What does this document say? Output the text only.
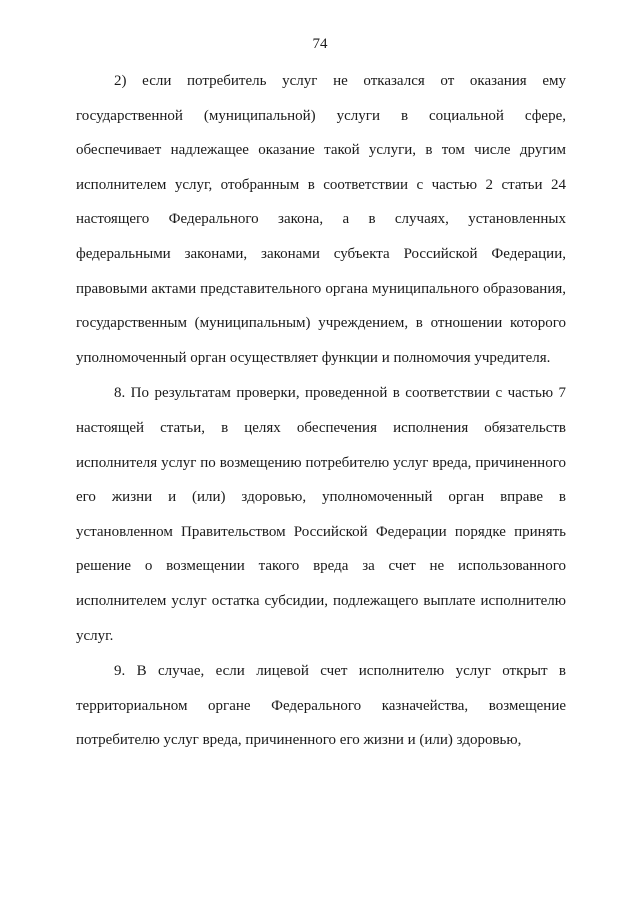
74

2) если потребитель услуг не отказался от оказания ему государственной (муниципальной) услуги в социальной сфере, обеспечивает надлежащее оказание такой услуги, в том числе другим исполнителем услуг, отобранным в соответствии с частью 2 статьи 24 настоящего Федерального закона, а в случаях, установленных федеральными законами, законами субъекта Российской Федерации, правовыми актами представительного органа муниципального образования, государственным (муниципальным) учреждением, в отношении которого уполномоченный орган осуществляет функции и полномочия учредителя.

8. По результатам проверки, проведенной в соответствии с частью 7 настоящей статьи, в целях обеспечения исполнения обязательств исполнителя услуг по возмещению потребителю услуг вреда, причиненного его жизни и (или) здоровью, уполномоченный орган вправе в установленном Правительством Российской Федерации порядке принять решение о возмещении такого вреда за счет не использованного исполнителем услуг остатка субсидии, подлежащего выплате исполнителю услуг.

9. В случае, если лицевой счет исполнителю услуг открыт в территориальном органе Федерального казначейства, возмещение потребителю услуг вреда, причиненного его жизни и (или) здоровью,
